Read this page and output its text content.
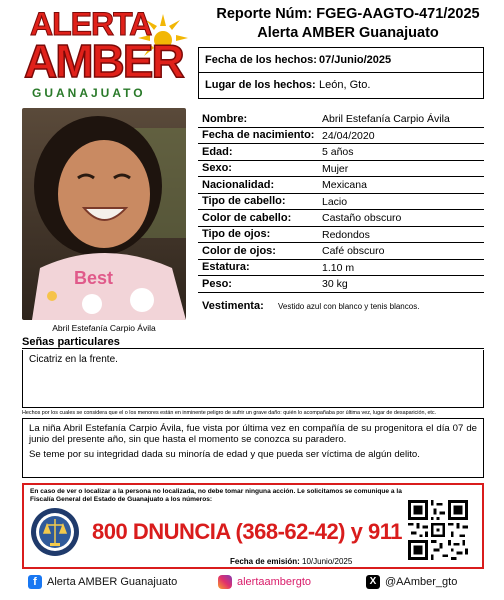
ALERTA
AMBER
GUANAJUATO
Reporte Núm: FGEG-AAGTO-471/2025
Alerta AMBER Guanajuato
Fecha de los hechos: 07/Junio/2025
Lugar de los hechos: León, Gto.
Best
Abril Estefanía Carpio Ávila
Nombre:	Abril Estefanía Carpio Ávila
Fecha de nacimiento: 24/04/2020
Edad:	5 años
Sexo:	Mujer
Nacionalidad:	Mexicana
Tipo de cabello:	Lacio
Color de cabello:	Castaño obscuro
Tipo de ojos:	Redondos
Color de ojos:	Café obscuro
Estatura:	1.10 m
Peso:	30 kg
Vestimenta: Vestido azul con blanco y tenis blancos.
Señas particulares
Cicatriz en la frente.
Hechos por los cuales se considera que el o los menores están en inminente peligro de sufrir un grave daño: quién lo acompañaba por última vez, lugar de desaparición, etc.

La niña Abril Estefanía Carpio Ávila, fue vista por última vez en compañía de su progenitora el día 07 de junio del presente año, sin que hasta el momento se conozca su paradero.

Se teme por su integridad dada su minoría de edad y que pueda ser víctima de algún delito.

En caso de ver o localizar a la persona no localizada, no debe tomar ninguna acción. Le solicitamos se comunique a la Fiscalía General del Estado de Guanajuato a los números:
800 DNUNCIA (368-62-42) y 911
Fecha de emisión: 10/Junio/2025
f Alerta AMBER Guanajuato	alertaambergto	X @AAmber_gto
